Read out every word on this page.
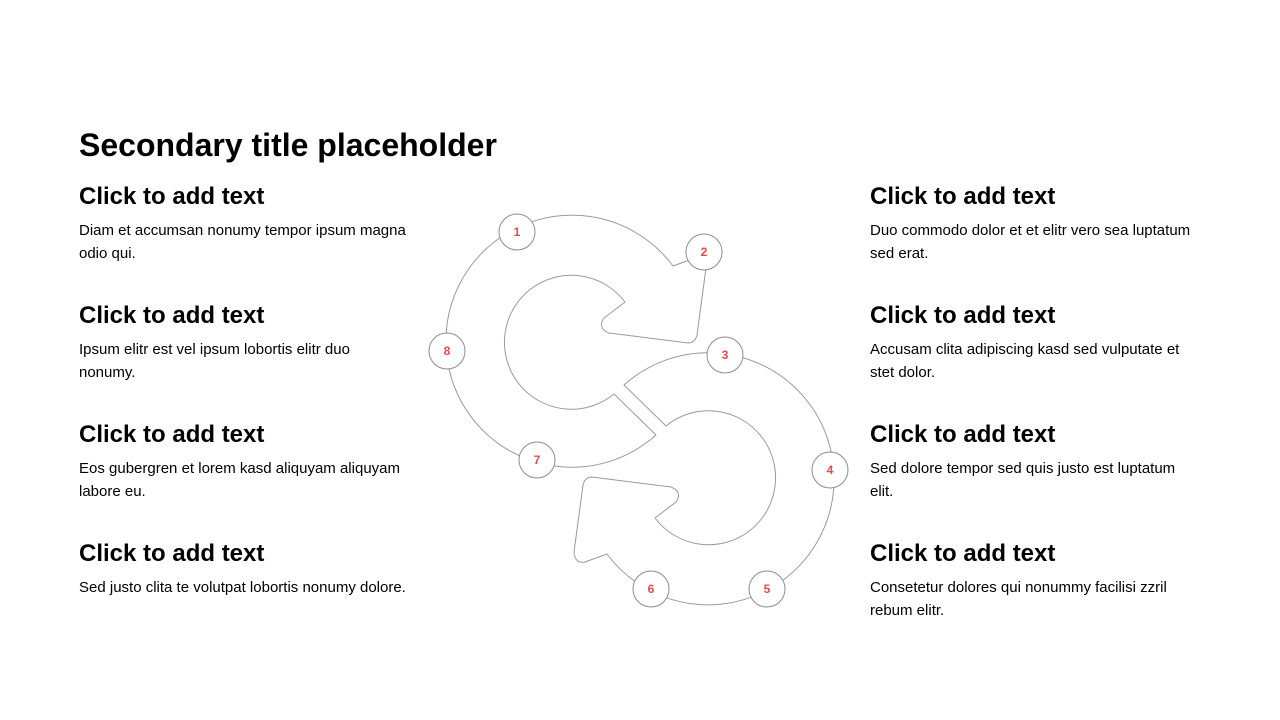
Secondary title placeholder
Click to add text
Diam et accumsan nonumy tempor ipsum magna odio qui.
Click to add text
Ipsum elitr est vel ipsum lobortis elitr duo nonumy.
Click to add text
Eos gubergren et lorem kasd aliquyam aliquyam labore eu.
Click to add text
Sed justo clita te volutpat lobortis nonumy dolore.
Click to add text
Duo commodo dolor et et elitr vero sea luptatum sed erat.
Click to add text
Accusam clita adipiscing kasd sed vulputate et stet dolor.
Click to add text
Sed dolore tempor sed quis justo est luptatum elit.
Click to add text
Consetetur dolores qui nonummy facilisi zzril rebum elitr.
1
2
3
4
5
6
7
8
